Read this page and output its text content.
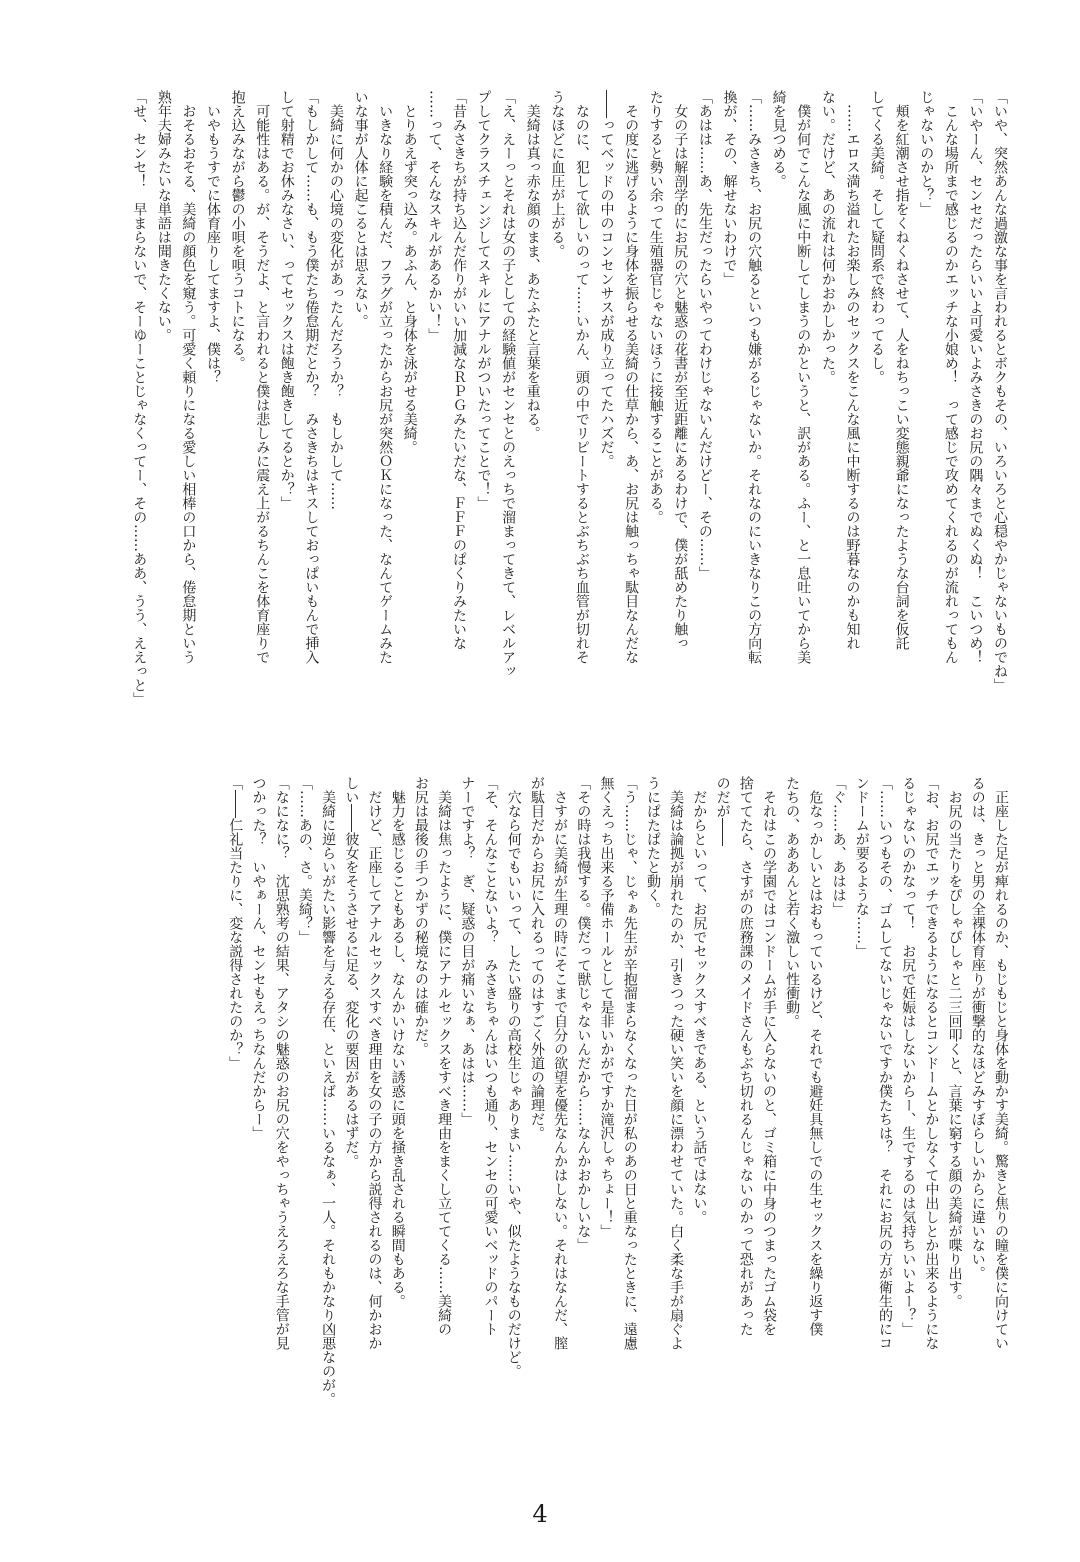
「いや、突然あんな過激な事を言われるとボクもその、いろいろと心穏やかじゃないものでね」
「いやーん、センセだったらいいよ可愛いよみさきのお尻の隅々までぬくぬ！　こいつめ！
　こんな場所まで感じるのかエッチな小娘め！　って感じで攻めてくれるのが流れってもん
じゃないのかと？」
　頬を紅潮させ指をくねくねさせて、人をねちっこい変態親爺になったような台詞を仮託
してくる美綺。そして疑問系で終わってるし。
　……エロス満ち溢れたお楽しみのセックスをこんな風に中断するのは野暮なのかも知れ
ない。だけど、あの流れは何かおかしかった。
　僕が何でこんな風に中断してしまうのかというと、訳がある。ふー、と一息吐いてから美
綺を見つめる。
「……みさきち、お尻の穴触るといつも嫌がるじゃないか。それなのにいきなりこの方向転
換が、その、解せないわけで」
「あはは……あ、先生だったらいやってわけじゃないんだけどー、その……」
　女の子は解剖学的にお尻の穴と魅惑の花書が至近距離にあるわけで、僕が舐めたり触っ
たりすると勢い余って生殖器官じゃないほうに接触することがある。
　その度に逃げるように身体を振らせる美綺の仕草から、あ、お尻は触っちゃ駄目なんだな
――ってベッドの中のコンセンサスが成り立ってたハズだ。
　なのに、犯して欲しいのって……いかん、頭の中でリピートするとぶちぶち血管が切れそ
うなほどに血圧が上がる。
　美綺は真っ赤な顔のまま、あたふたと言葉を重ねる。
「え、えーっとそれは女の子としての経験値がセンセとのえっちで溜まってきて、レベルアッ
プしてクラスチェンジしてスキルにアナルがついたってことで！」
「昔みさきちが持ち込んだ作りがいい加減なＲＰＧみたいだな、ＦＦＦのぱくりみたいな
……って、そんなスキルがあるかい！」
　とりあえず突っ込み。あふん、と身体を泳がせる美綺。
　いきなり経験を積んだ、フラグが立ったからお尻が突然ＯＫになった、なんてゲームみた
いな事が人体に起こるとは思えない。
　美綺に何かの心境の変化があったんだろうか？　もしかして……
「もしかして……も、もう僕たち倦怠期だとか？　みさきちはキスしておっぱいもんで挿入
して射精でお休みなさい、ってセックスは飽き飽きしてるとか？」
　可能性はある。が、そうだよ、と言われると僕は悲しみに震え上がるちんこを体育座りで
抱え込みながら鬱の小唄を唄うコトになる。
　いやもうすでに体育座りしてますよ、僕は？
　おそるおそる、美綺の顔色を窺う。可愛く頼りになる愛しい相棒の口から、倦怠期という
熟年夫婦みたいな単語は聞きたくない。
「せ、センセ！　早まらないで、そーゆーことじゃなくってー、その……ああ、うう、ええっと」
　正座した足が痺れるのか、もじもじと身体を動かす美綺。驚きと焦りの瞳を僕に向けてい
るのは、きっと男の全裸体育座りが衝撃的なほどみすぼらしいからに違いない。
　お尻の当たりをぴしゃぴしゃと二三回叩くと、言葉に窮する顔の美綺が喋り出す。
「お、お尻でエッチできるようになるとコンドームとかしなくて中出しとか出来るようにな
るじゃないのかなって！　お尻で妊娠はしないからー、生でするのは気持ちいいよー？」
「……いつもその、ゴムしてないじゃないですか僕たちは？　それにお尻の方が衛生的にコ
ンドームが要るような……」
「ぐ……あ、あはは」
　危なっかしいとはおもっているけど、それでも避妊具無しでの生セックスを繰り返す僕
たちの、あああんと若く激しい性衝動。
　それはこの学園ではコンドームが手に入らないのと、ゴミ箱に中身のつまったゴム袋を
捨ててたら、さすがの庶務課のメイドさんもぶち切れるんじゃないのかって恐れがあった
のだが――
　だからといって、お尻でセックスすべきである、という話ではない。
　美綺は論拠が崩れたのか、引きつった硬い笑いを顔に漂わせていた。白く柔な手が扇ぐよ
うにぱたぱたと動く。
「う……じゃ、じゃぁ先生が辛抱溜まらなくなった日が私のあの日と重なったときに、遠慮
無くえっち出来る予備ホールとして是非いかがですか滝沢しゃちょー！」
「その時は我慢する。僕だって獣じゃないんだから……なんかおかしいな」
　さすがに美綺が生理の時にそこまで自分の欲望を優先なんかはしない。それはなんだ、膣
が駄目だからお尻に入れるってのはすごく外道の論理だ。
　穴なら何でもいいって、したい盛りの高校生じゃありまい……いや、似たようなものだけど。
「そ、そんなことないよ？　みさきちゃんはいつも通り、センセの可愛いベッドのパート
ナーですよ？　ぎ、疑惑の目が痛いなぁ、あはは……」
　美綺は焦ったように、僕にアナルセックスをすべき理由をまくし立ててくる……美綺の
お尻は最後の手つかずの秘境なのは確かだ。
　魅力を感じることもあるし、なんかいけない誘惑に頭を掻き乱される瞬間もある。
　だけど、正座してアナルセックスすべき理由を女の子の方から説得されるのは、何かおか
しい――彼女をそうさせるに足る、変化の要因があるはずだ。
　美綺に逆らいがたい影響を与える存在、といえば……いるなぁ、一人。それもかなり凶悪なのが。
「……あの、さ。美綺？」
「なになに？　沈思熟考の結果、アタシの魅惑のお尻の穴をやっちゃうえろえろな手管が見
つかった？　いやぁーん、センセもえっちなんだからー」
「――仁礼当たりに、変な説得されたのか？」
4
